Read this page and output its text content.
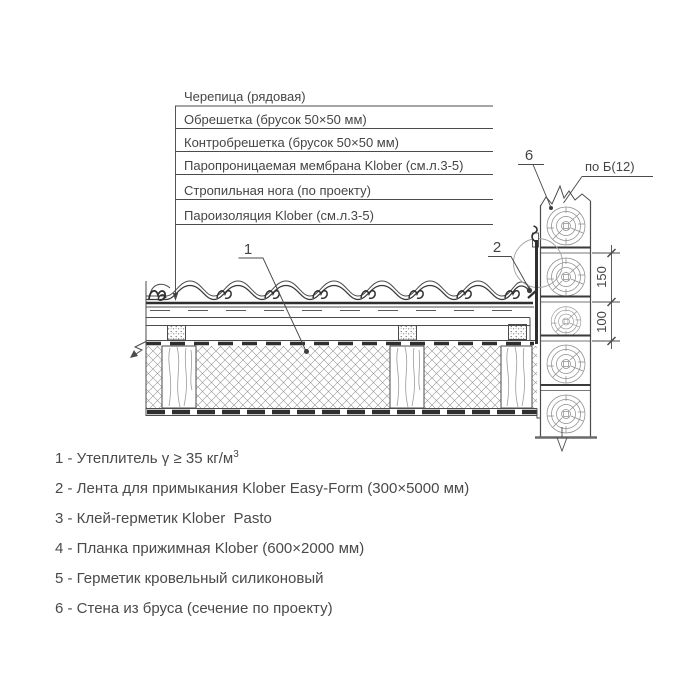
Черепица (рядовая)
Обрешетка (брусок 50×50 мм)
Контробрешетка (брусок 50×50 мм)
Паропроницаемая мембрана Klober (см.л.3-5)
Стропильная нога (по проекту)
Пароизоляция Klober (см.л.3-5)
1	2
6
по Б(12)
150
100
1 - Утеплитель γ ≥ 35 $кг/м^3$
2 - Лента для примыкания Klober Easy-Form (300×5000 мм)
3 - Клей-герметик Klober  Pasto
4 - Планка прижимная Klober (600×2000 мм)
5 - Герметик кровельный силиконовый
6 - Стена из бруса (сечение по проекту)
